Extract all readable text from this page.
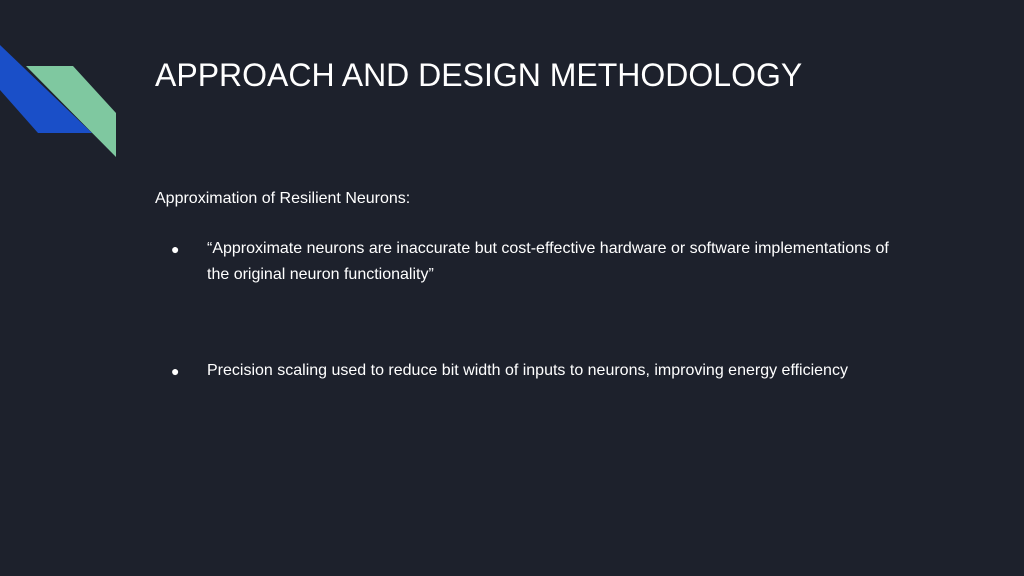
APPROACH AND DESIGN METHODOLOGY

Approximation of Resilient Neurons:

● “Approximate neurons are inaccurate but cost-effective hardware or software implementations of the original neuron functionality”
● Precision scaling used to reduce bit width of inputs to neurons, improving energy efficiency
